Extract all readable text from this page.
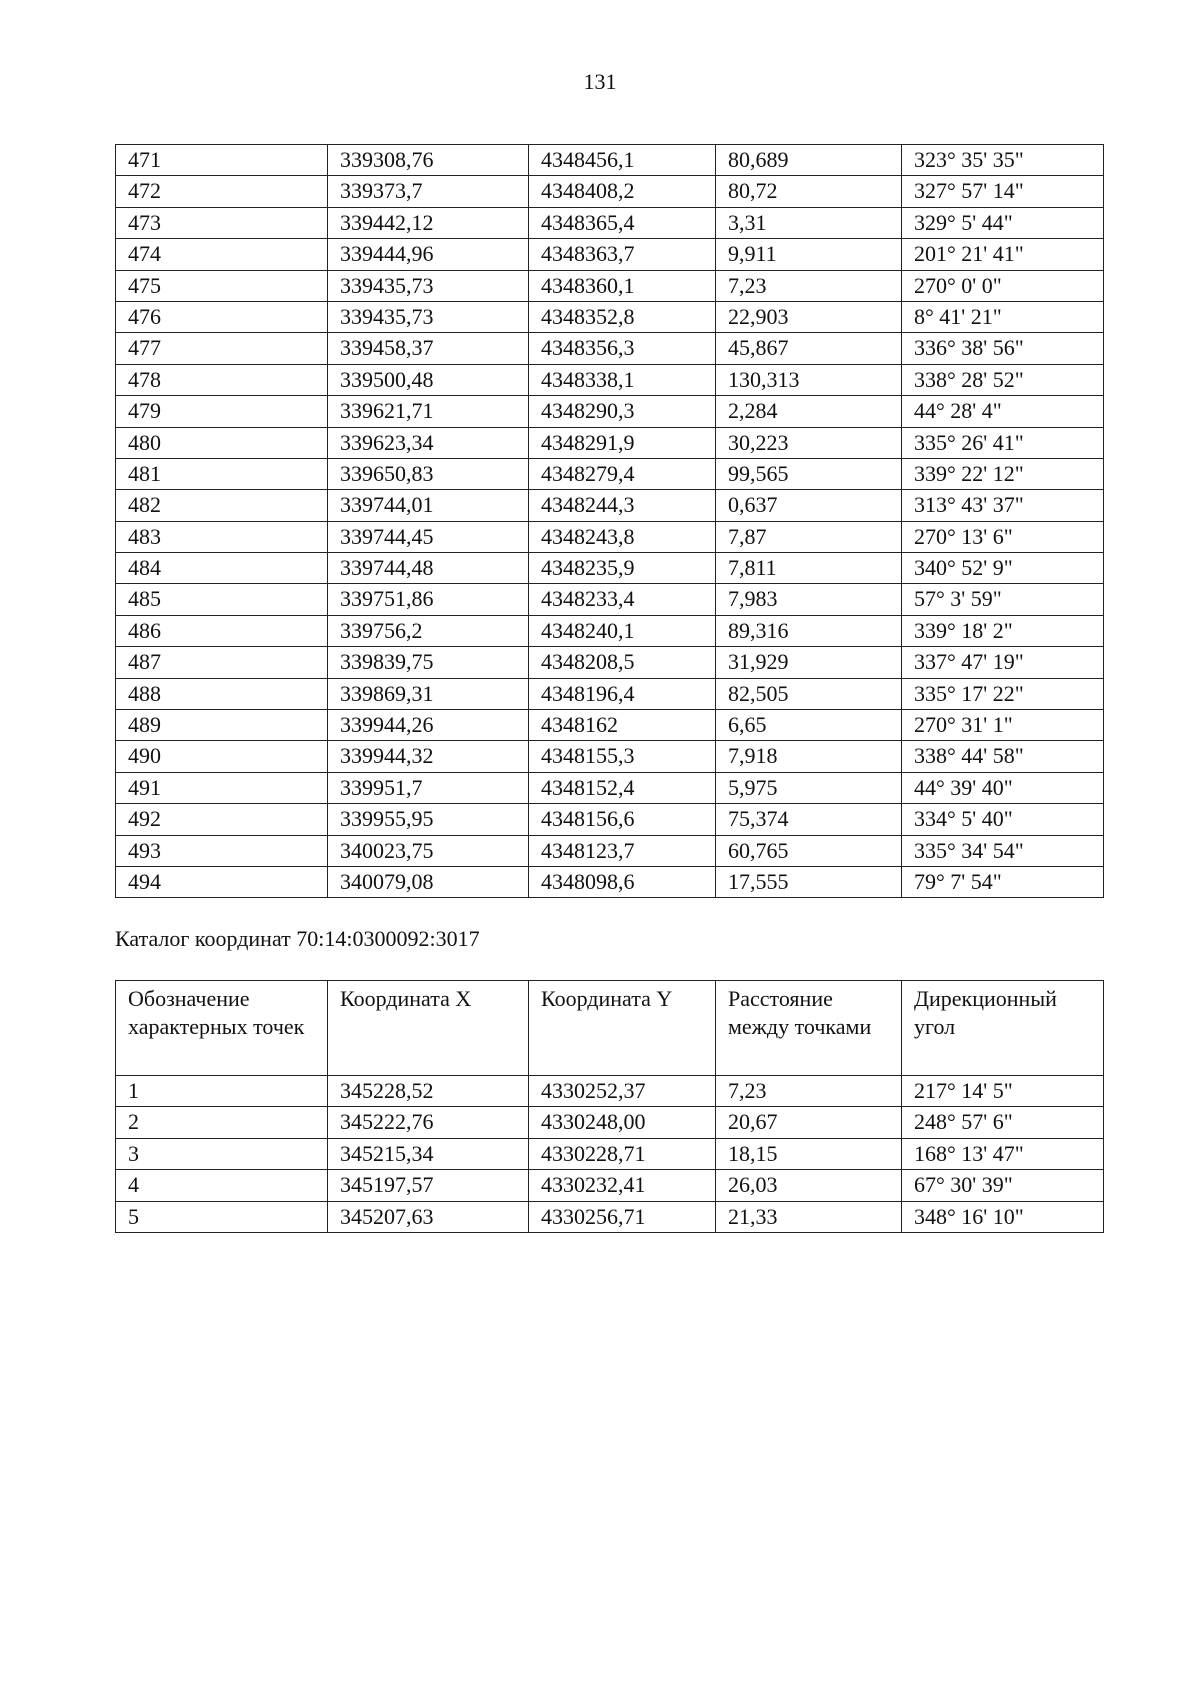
131
471	339308,76	4348456,1	80,689	323° 35' 35"
472	339373,7	4348408,2	80,72	327° 57' 14"
473	339442,12	4348365,4	3,31	329° 5' 44"
474	339444,96	4348363,7	9,911	201° 21' 41"
475	339435,73	4348360,1	7,23	270° 0' 0"
476	339435,73	4348352,8	22,903	8° 41' 21"
477	339458,37	4348356,3	45,867	336° 38' 56"
478	339500,48	4348338,1	130,313	338° 28' 52"
479	339621,71	4348290,3	2,284	44° 28' 4"
480	339623,34	4348291,9	30,223	335° 26' 41"
481	339650,83	4348279,4	99,565	339° 22' 12"
482	339744,01	4348244,3	0,637	313° 43' 37"
483	339744,45	4348243,8	7,87	270° 13' 6"
484	339744,48	4348235,9	7,811	340° 52' 9"
485	339751,86	4348233,4	7,983	57° 3' 59"
486	339756,2	4348240,1	89,316	339° 18' 2"
487	339839,75	4348208,5	31,929	337° 47' 19"
488	339869,31	4348196,4	82,505	335° 17' 22"
489	339944,26	4348162	6,65	270° 31' 1"
490	339944,32	4348155,3	7,918	338° 44' 58"
491	339951,7	4348152,4	5,975	44° 39' 40"
492	339955,95	4348156,6	75,374	334° 5' 40"
493	340023,75	4348123,7	60,765	335° 34' 54"
494	340079,08	4348098,6	17,555	79° 7' 54"
Каталог координат 70:14:0300092:3017
Обозначение характерных точек	Координата X	Координата Y	Расстояние между точками	Дирекционный угол
1	345228,52	4330252,37	7,23	217° 14' 5"
2	345222,76	4330248,00	20,67	248° 57' 6"
3	345215,34	4330228,71	18,15	168° 13' 47"
4	345197,57	4330232,41	26,03	67° 30' 39"
5	345207,63	4330256,71	21,33	348° 16' 10"
